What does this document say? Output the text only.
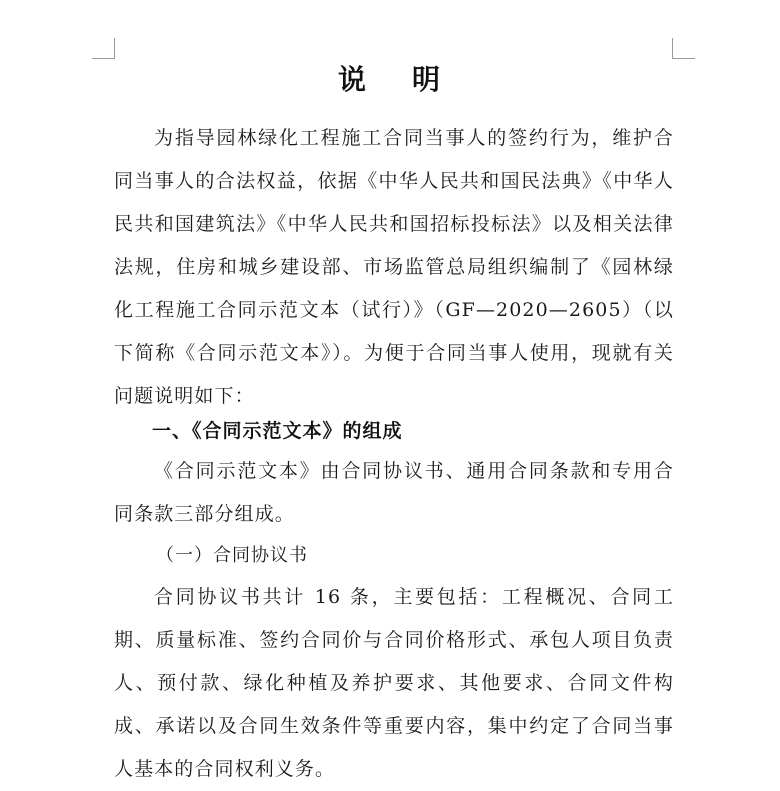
说 明

为指导园林绿化工程施工合同当事人的签约行为，维护合同当事人的合法权益，依据《中华人民共和国民法典》《中华人民共和国建筑法》《中华人民共和国招标投标法》以及相关法律法规，住房和城乡建设部、市场监管总局组织编制了《园林绿化工程施工合同示范文本（试行）》（GF—2020—2605）（以下简称《合同示范文本》）。为便于合同当事人使用，现就有关问题说明如下：

一、《合同示范文本》的组成

《合同示范文本》由合同协议书、通用合同条款和专用合同条款三部分组成。

（一）合同协议书

合同协议书共计 16 条，主要包括：工程概况、合同工期、质量标准、签约合同价与合同价格形式、承包人项目负责人、预付款、绿化种植及养护要求、其他要求、合同文件构成、承诺以及合同生效条件等重要内容，集中约定了合同当事人基本的合同权利义务。
